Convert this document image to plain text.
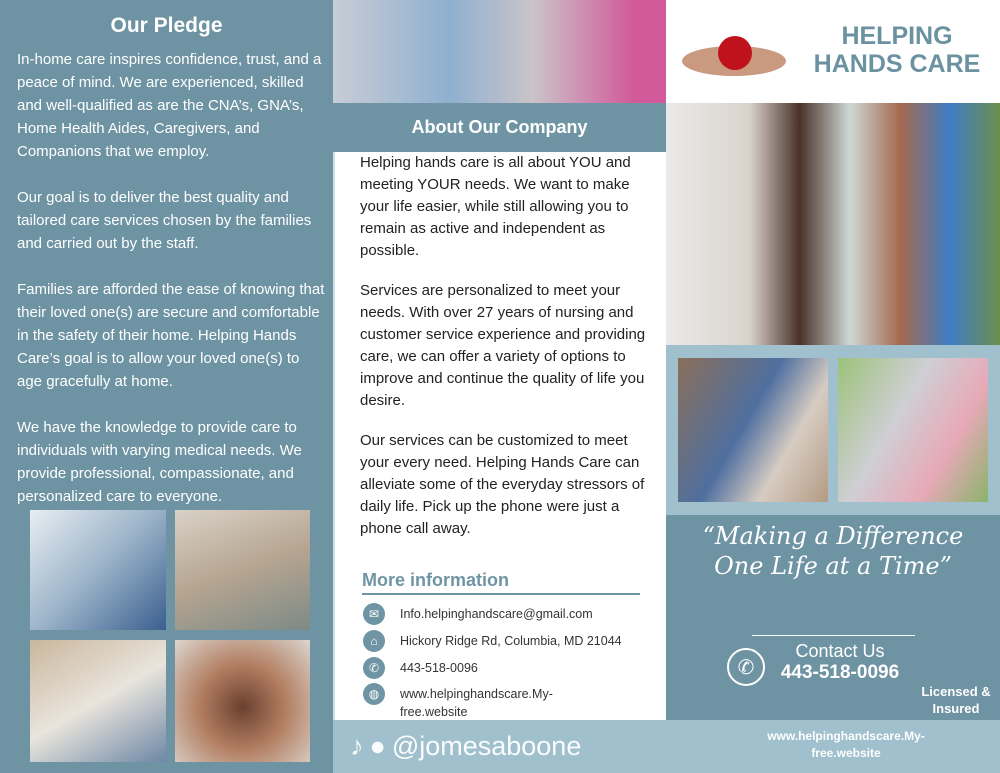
Our Pledge

In-home care inspires confidence, trust, and a peace of mind. We are experienced, skilled and well-qualified as are the CNA’s, GNA’s, Home Health Aides, Caregivers, and Companions that we employ.

Our goal is to deliver the best quality and tailored care services chosen by the families and carried out by the staff.

Families are afforded the ease of knowing that their loved one(s) are secure and comfortable in the safety of their home. Helping Hands Care’s goal is to allow your loved one(s) to age gracefully at home.

We have the knowledge to provide care to individuals with varying medical needs. We provide professional, compassionate, and personalized care to everyone.

About Our Company

Helping hands care is all about YOU and meeting YOUR needs. We want to make your life easier, while still allowing you to remain as active and independent as possible.

Services are personalized to meet your needs. With over 27 years of nursing and customer service experience and providing care, we can offer a variety of options to improve and continue the quality of life you desire.

Our services can be customized to meet your every need. Helping Hands Care can alleviate some of the everyday stressors of daily life. Pick up the phone were just a phone call away.

More information
✉	Info.helpinghandscare@gmail.com
⌂	Hickory Ridge Rd, Columbia, MD 21044
✆	443-518-0096
◍	www.helpinghandscare.My-free.website
HELPING HANDS CARE
“Making a Difference One Life at a Time”
✆
Contact Us
443-518-0096
Licensed & Insured
www.helpinghandscare.My-free.website
♪ ● @jomesaboone
